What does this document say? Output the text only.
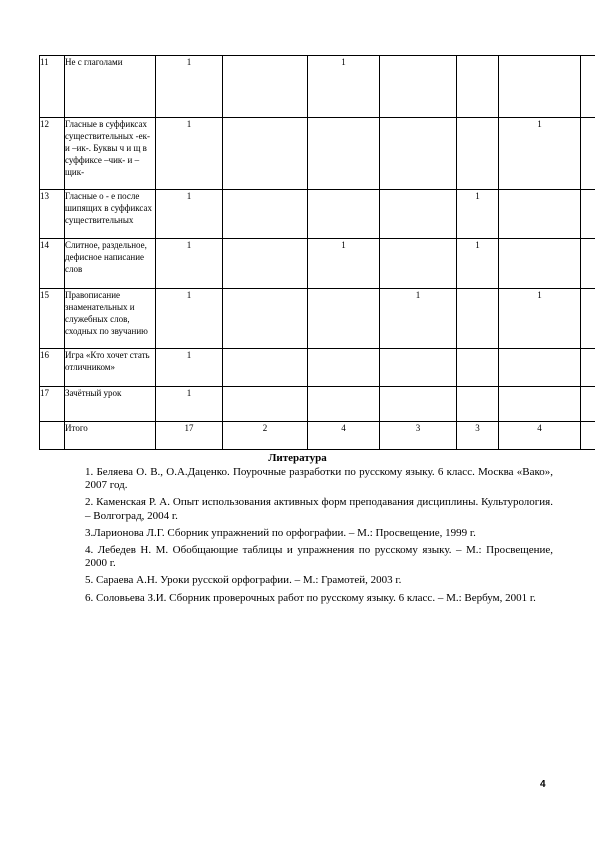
11	Не с глаголами	1		1				
12	Гласные в суффиксах существительных -ек- и –ик-. Буквы ч и щ в суффиксе –чик- и –щик-	1					1	
13	Гласные о - е после шипящих в суффиксах существительных	1				1		
14	Слитное, раздельное, дефисное написание слов	1		1		1		
15	Правописание знаменательных и служебных слов, сходных по звучанию	1			1		1	
16	Игра «Кто хочет стать отличником»	1						
17	Зачётный урок	1						
	Итого	17	2	4	3	3	4	
Литература

1. Беляева О. В., О.А.Даценко. Поурочные разработки по русскому языку. 6 класс. Москва «Вако», 2007 год.

2. Каменская Р. А. Опыт использования активных форм преподавания дисциплины. Культурология. – Волгоград, 2004 г.

3.Ларионова Л.Г. Сборник упражнений по орфографии. – М.: Просвещение, 1999 г.

4. Лебедев Н. М. Обобщающие таблицы и упражнения по русскому языку. – М.: Просвещение, 2000 г.

5. Сараева А.Н. Уроки русской орфографии. – М.: Грамотей, 2003 г.

6. Соловьева З.И. Сборник проверочных работ по русскому языку. 6 класс. – М.: Вербум, 2001 г.

4
